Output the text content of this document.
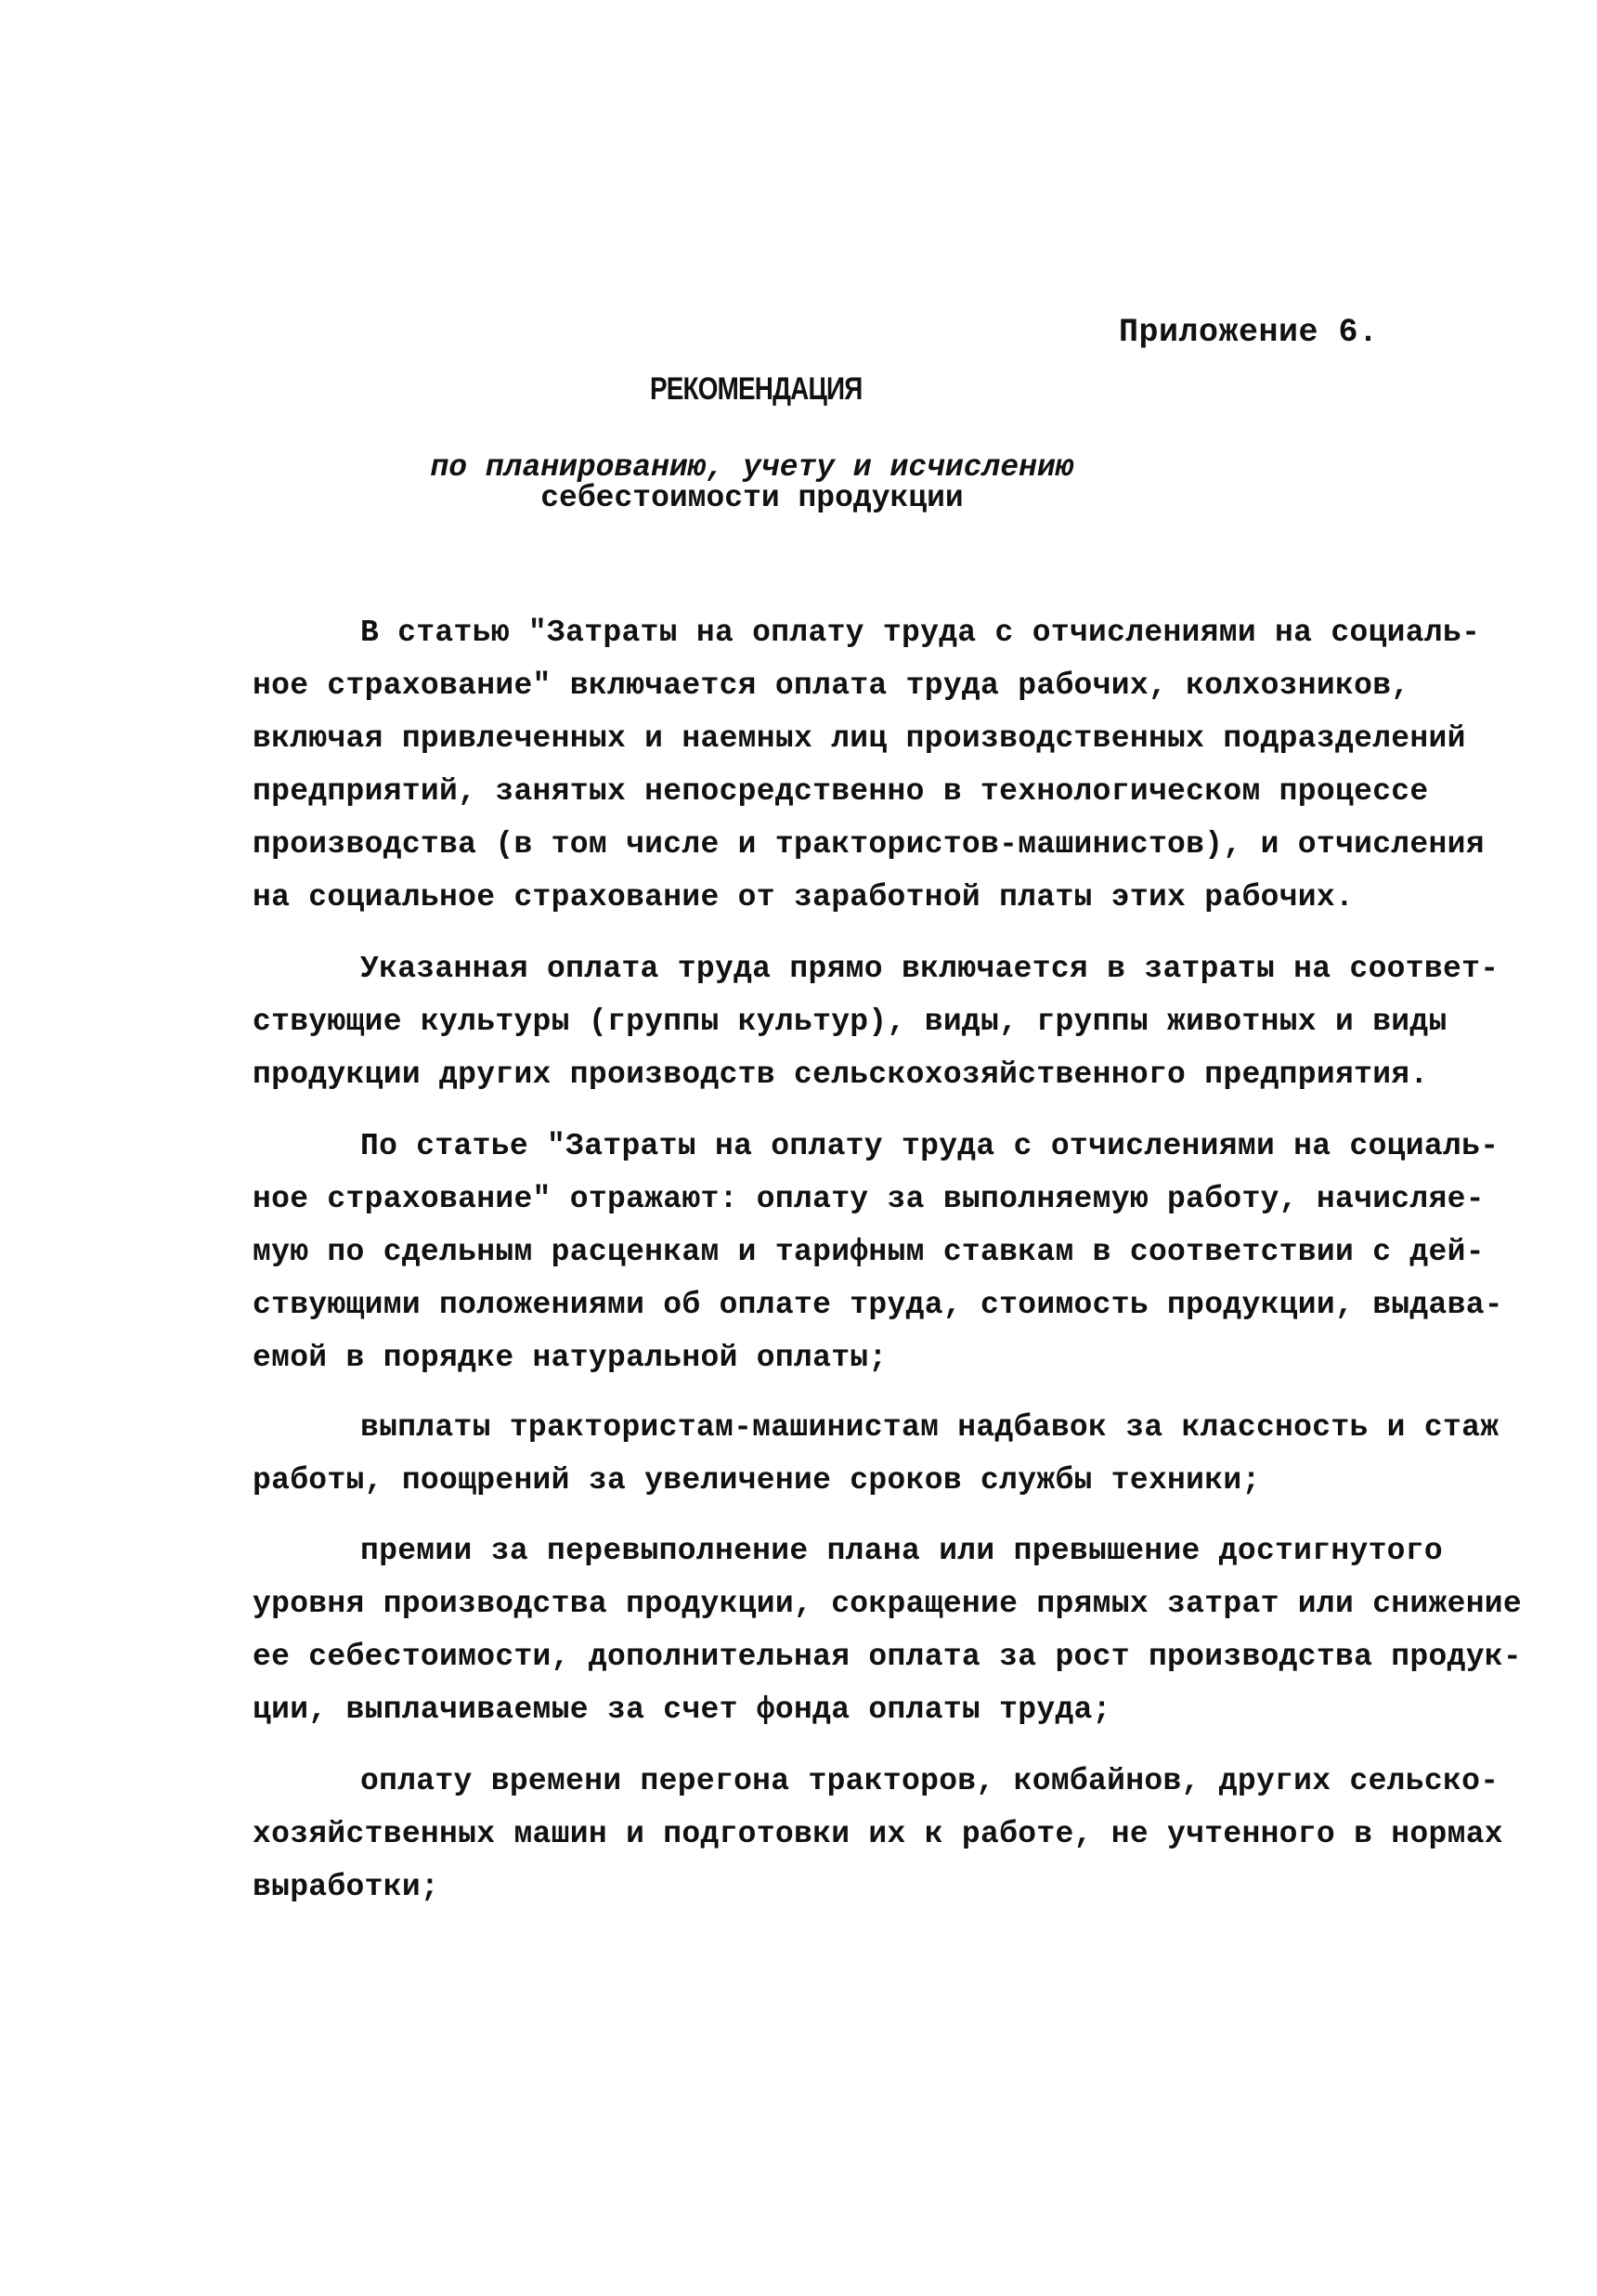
Приложение 6.
РЕКОМЕНДАЦИЯ
по планированию, учету и исчислению
себестоимости продукции
В статью "Затраты на оплату труда с отчислениями на социаль-
ное страхование" включается оплата труда рабочих, колхозников,
включая привлеченных и наемных лиц производственных подразделений
предприятий, занятых непосредственно в технологическом процессе
производства (в том числе и трактористов-машинистов), и отчисления
на социальное страхование от заработной платы этих рабочих.
Указанная оплата труда прямо включается в затраты на соответ-
ствующие культуры (группы культур), виды, группы животных и виды
продукции других производств сельскохозяйственного предприятия.
По статье "Затраты на оплату труда с отчислениями на социаль-
ное страхование" отражают: оплату за выполняемую работу, начисляе-
мую по сдельным расценкам и тарифным ставкам в соответствии с дей-
ствующими положениями об оплате труда, стоимость продукции, выдава-
емой в порядке натуральной оплаты;
выплаты трактористам-машинистам надбавок за классность и стаж
работы, поощрений за увеличение сроков службы техники;
премии за перевыполнение плана или превышение достигнутого
уровня производства продукции, сокращение прямых затрат или снижение
ее себестоимости, дополнительная оплата за рост производства продук-
ции, выплачиваемые за счет фонда оплаты труда;
оплату времени перегона тракторов, комбайнов, других сельско-
хозяйственных машин и подготовки их к работе, не учтенного в нормах
выработки;
